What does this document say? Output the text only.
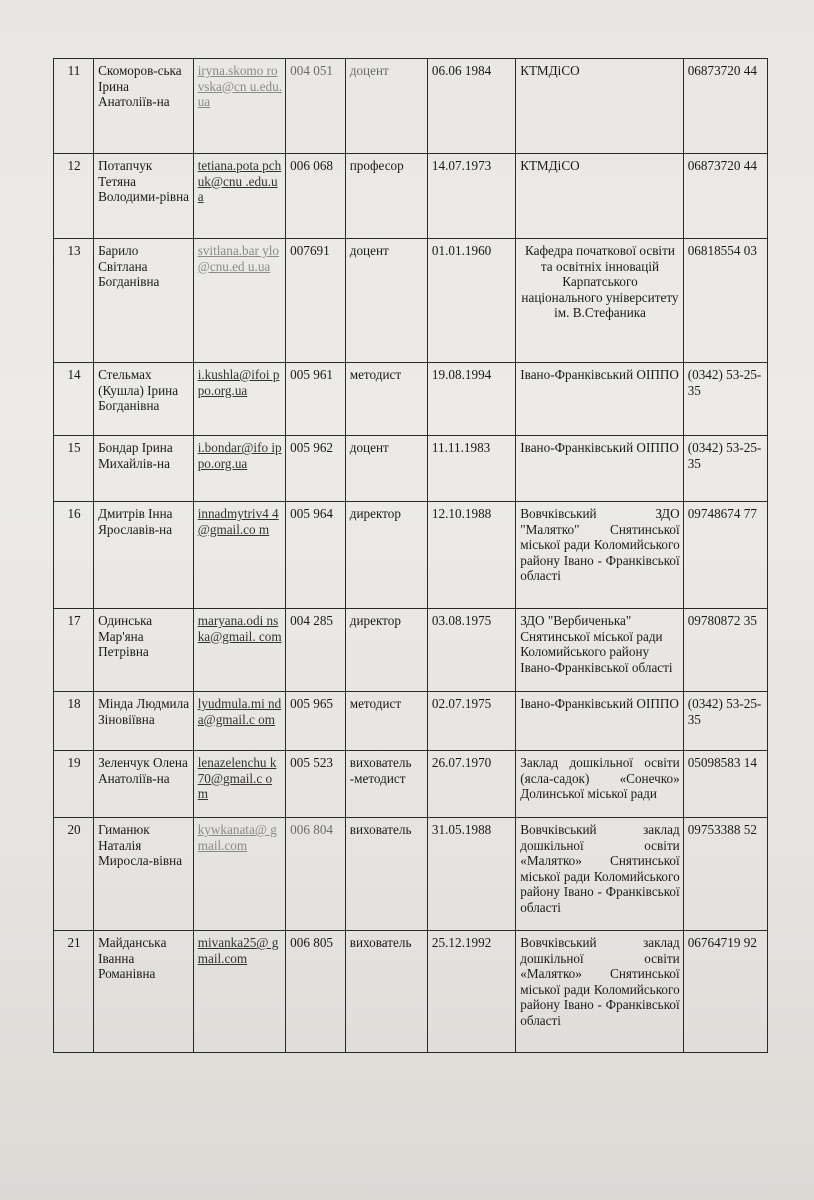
11	Скоморов-ська Ірина Анатоліїв-на	iryna.skomo rovska@cn u.edu.ua	004 051	доцент	06.06 1984	КТМДіСО	06873720 44
12	Потапчук Тетяна Володими-рівна	tetiana.pota pchuk@cnu .edu.ua	006 068	професор	14.07.1973	КТМДіСО	06873720 44
13	Барило Світлана Богданівна	svitlana.bar ylo@cnu.ed u.ua	007691	доцент	01.01.1960	Кафедра початкової освіти та освітніх інновацій Карпатського національного університету ім. В.Стефаника	06818554 03
14	Стельмах (Кушла) Ірина Богданівна	i.kushla@ifoi ppo.org.ua	005 961	методист	19.08.1994	Івано-Франківський ОІППО	(0342) 53-25-35
15	Бондар Ірина Михайлів-на	i.bondar@ifo ippo.org.ua	005 962	доцент	11.11.1983	Івано-Франківський ОІППО	(0342) 53-25-35
16	Дмитрів Інна Ярославів-на	innadmytriv4 4@gmail.co m	005 964	директор	12.10.1988	Вовчківський ЗДО "Малятко" Снятинської міської ради Коломийського району Івано - Франківської області	09748674 77
17	Одинська Мар'яна Петрівна	maryana.odi nska@gmail. com	004 285	директор	03.08.1975	ЗДО "Вербиченька" Снятинської міської ради Коломийського району Івано-Франківської області	09780872 35
18	Мінда Людмила Зіновіївна	lyudmula.mi nda@gmail.c om	005 965	методист	02.07.1975	Івано-Франківський ОІППО	(0342) 53-25-35
19	Зеленчук Олена Анатоліїв-на	lenazelenchu k70@gmail.c om	005 523	вихователь -методист	26.07.1970	Заклад дошкільної освіти (ясла-садок) «Сонечко» Долинської міської ради	05098583 14
20	Гиманюк Наталія Мирослa-вівна	kywkanata@ gmail.com	006 804	вихователь	31.05.1988	Вовчківський заклад дошкільної освіти «Малятко» Снятинської міської ради Коломийського району Івано - Франківської області	09753388 52
21	Майданськa Іванна Романівна	mivanka25@ gmail.com	006 805	вихователь	25.12.1992	Вовчківський заклад дошкільної освіти «Малятко» Снятинської міської ради Коломийського району Івано - Франківської області	06764719 92
